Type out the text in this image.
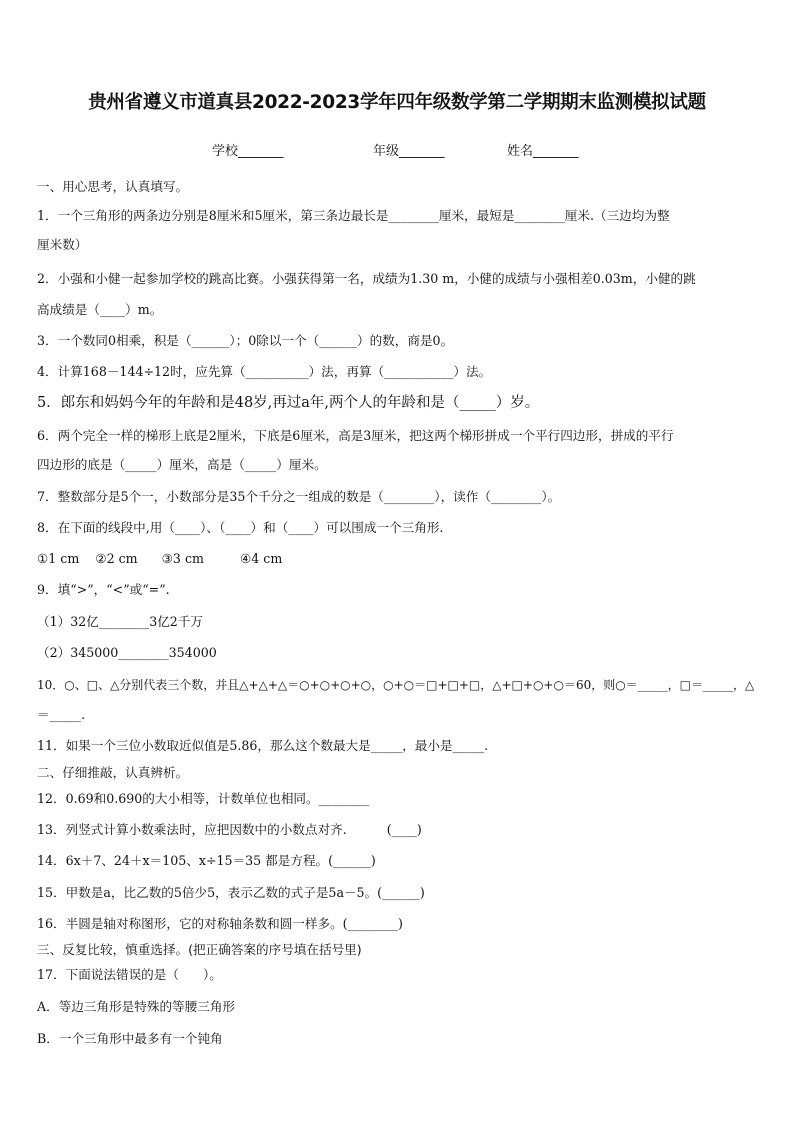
贵州省遵义市道真县2022-2023学年四年级数学第二学期期末监测模拟试题
学校_______	年级_______	姓名_______
一、用心思考，认真填写。
1．一个三角形的两条边分别是8厘米和5厘米，第三条边最长是________厘米，最短是________厘米.（三边均为整
厘米数）
2．小强和小健一起参加学校的跳高比赛。小强获得第一名，成绩为1.30 m，小健的成绩与小强相差0.03m，小健的跳
高成绩是（____）m。
3．一个数同0相乘，积是（______）；0除以一个（______）的数，商是0。
4．计算168－144÷12时，应先算（__________）法，再算（___________）法。
5．郎东和妈妈今年的年龄和是48岁,再过a年,两个人的年龄和是（_____）岁。
6．两个完全一样的梯形上底是2厘米，下底是6厘米，高是3厘米，把这两个梯形拼成一个平行四边形，拼成的平行
四边形的底是（_____）厘米，高是（_____）厘米。
7．整数部分是5个一，小数部分是35个千分之一组成的数是（________），读作（________）。
8．在下面的线段中,用（____）、（____）和（____）可以围成一个三角形.
①1 cm    ②2 cm      ③3 cm         ④4 cm
9．填“>”，“<”或“=”.
（1）32亿________3亿2千万
（2）345000________354000
10．○、□、△分别代表三个数，并且△+△+△＝○+○+○+○，○+○＝□+□+□，△+□+○+○＝60，则○＝_____，□＝_____，△
＝_____.
11．如果一个三位小数取近似值是5.86，那么这个数最大是_____，最小是_____.
二、仔细推敲，认真辨析。
12．0.69和0.690的大小相等，计数单位也相同。________
13．列竖式计算小数乘法时，应把因数中的小数点对齐.          (____)
14．6x＋7、24＋x＝105、x÷15＝35 都是方程。(______)
15．甲数是a，比乙数的5倍少5，表示乙数的式子是5a－5。(______)
16．半圆是轴对称图形，它的对称轴条数和圆一样多。(________)
三、反复比较，慎重选择。(把正确答案的序号填在括号里)
17．下面说法错误的是（      ）。
A．等边三角形是特殊的等腰三角形
B．一个三角形中最多有一个钝角
